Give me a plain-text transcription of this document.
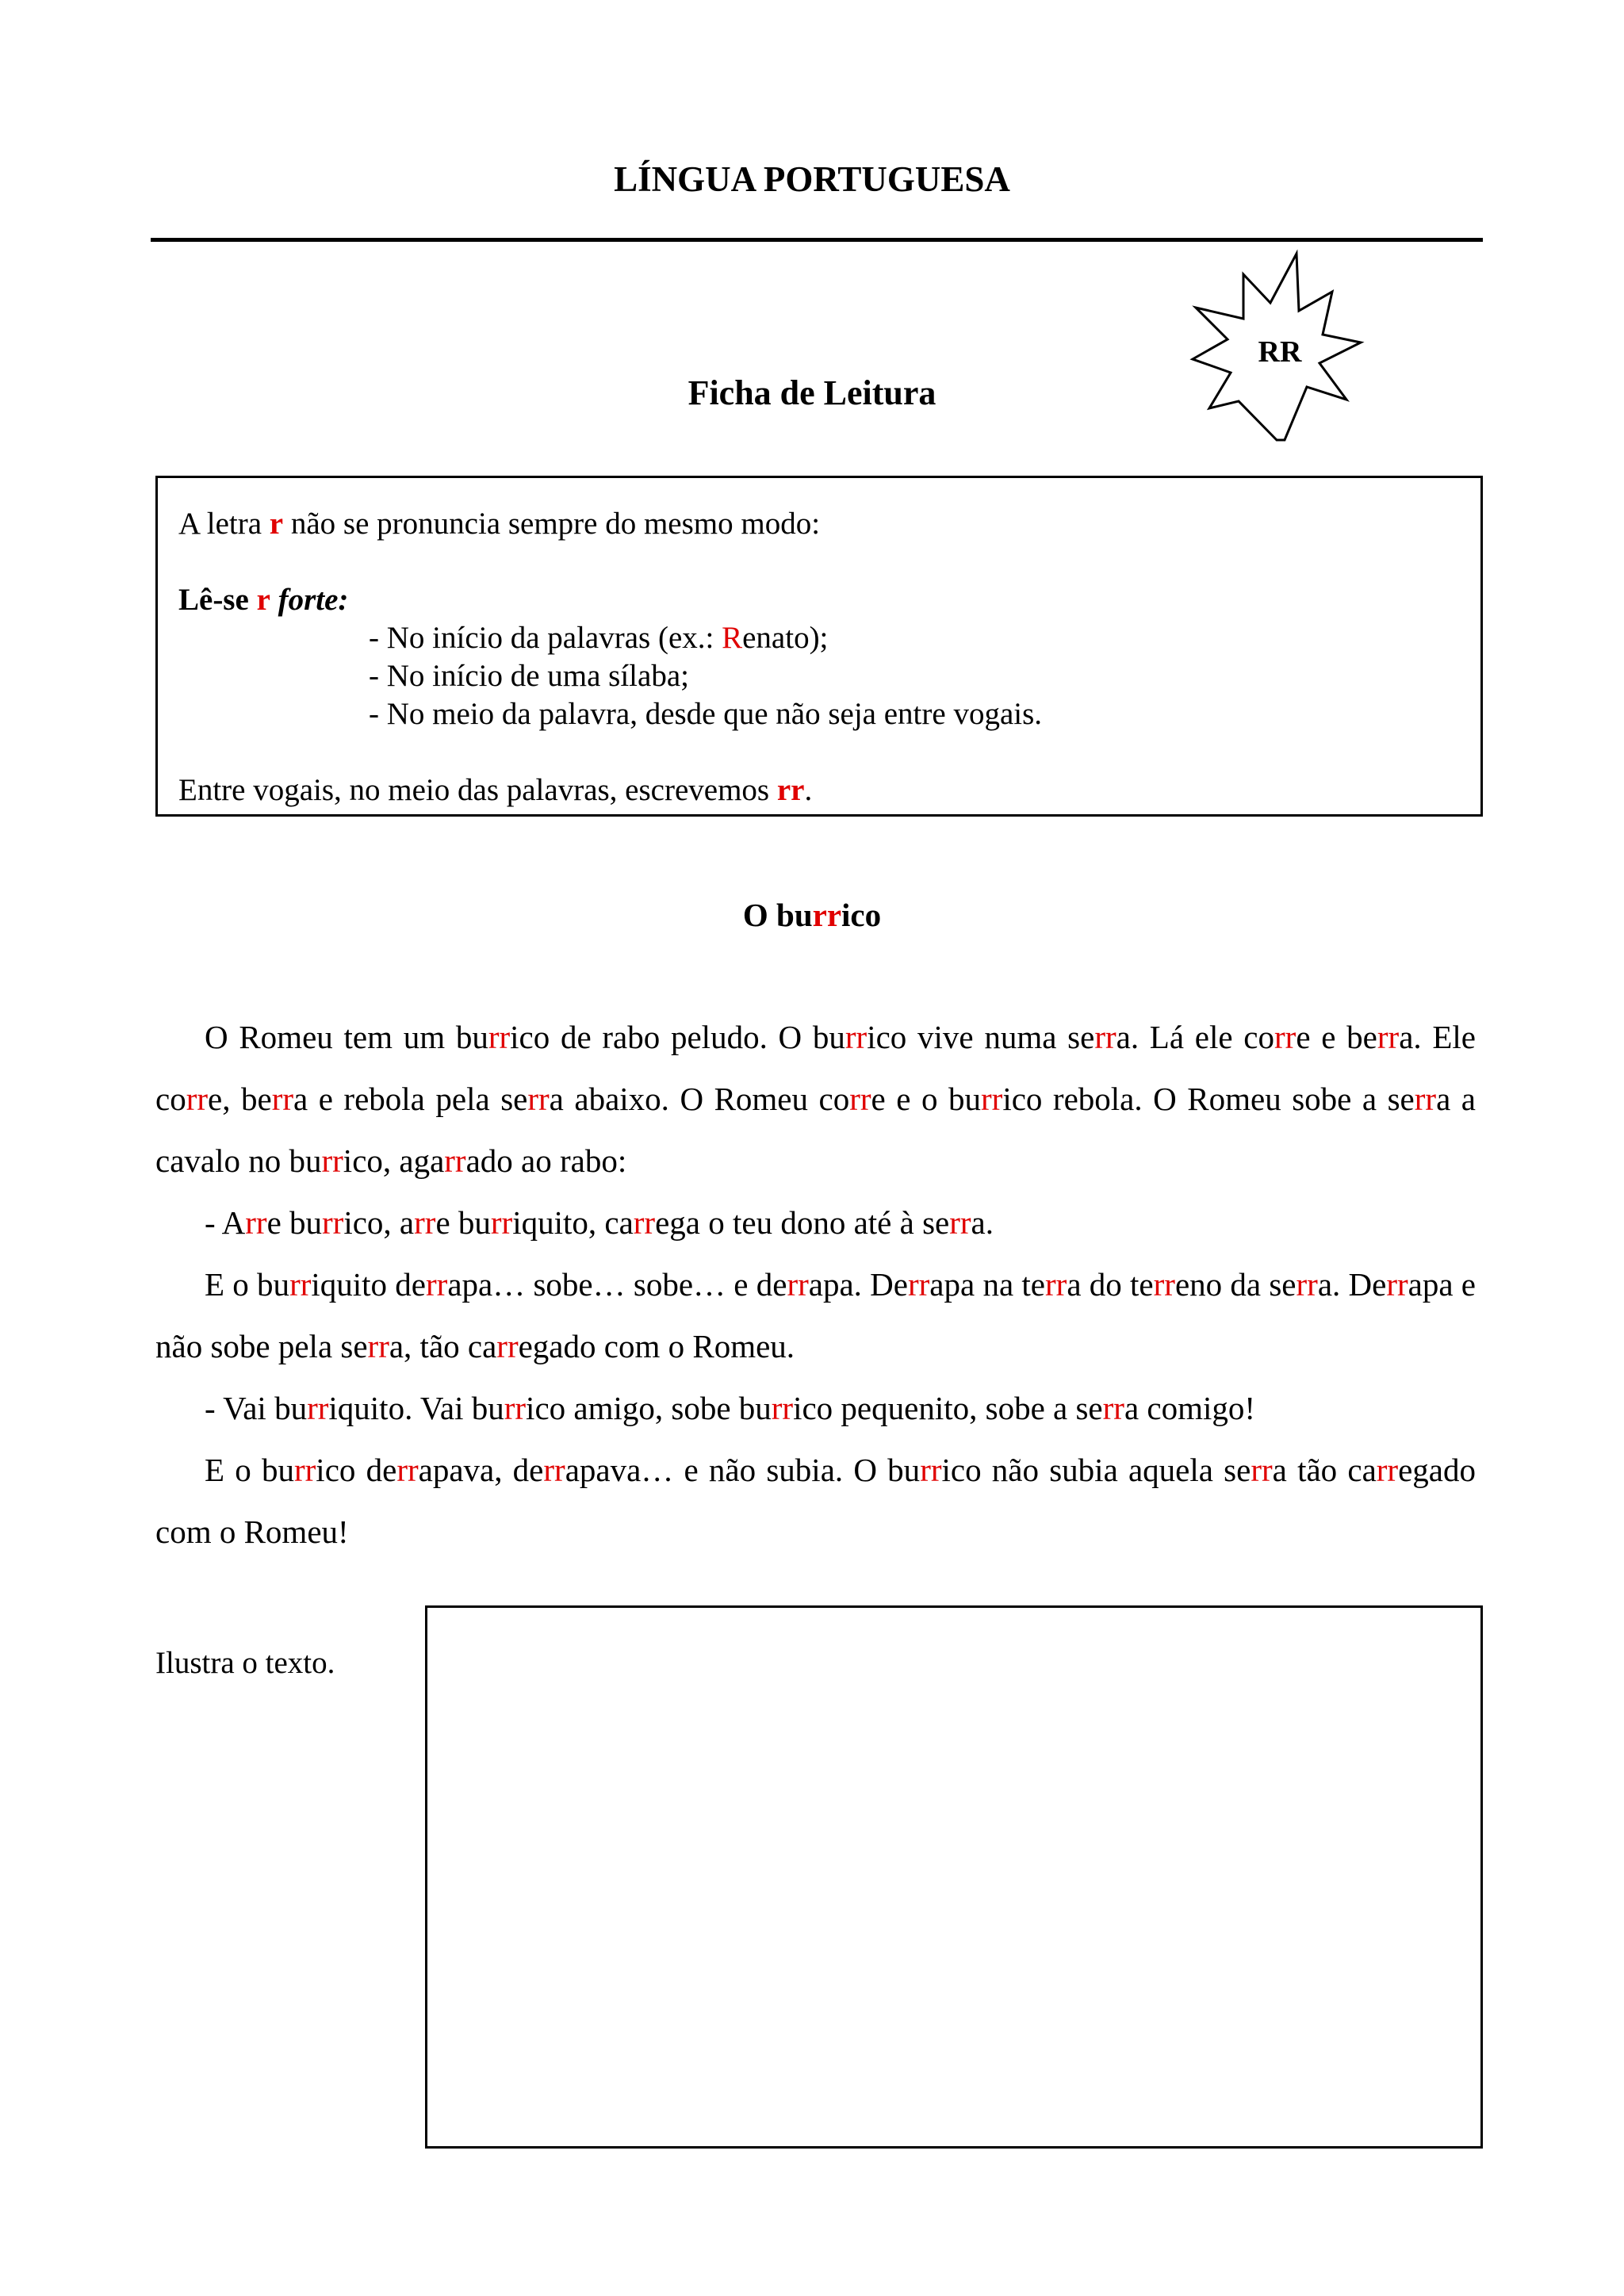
LÍNGUA PORTUGUESA
RR
Ficha de Leitura
A letra r não se pronuncia sempre do mesmo modo:
Lê-se r forte:
- No início da palavras (ex.: Renato);
- No início de uma sílaba;
- No meio da palavra, desde que não seja entre vogais.
Entre vogais, no meio das palavras, escrevemos rr.
O burrico

O Romeu tem um burrico de rabo peludo. O burrico vive numa serra. Lá ele corre e berra. Ele corre, berra e rebola pela serra abaixo. O Romeu corre e o burrico rebola. O Romeu sobe a serra a cavalo no burrico, agarrado ao rabo:

- Arre burrico, arre burriquito, carrega o teu dono até à serra.

E o burriquito derrapa… sobe… sobe… e derrapa. Derrapa na terra do terreno da serra. Derrapa e não sobe pela serra, tão carregado com o Romeu.

- Vai burriquito. Vai burrico amigo, sobe burrico pequenito, sobe a serra comigo!

E o burrico derrapava, derrapava… e não subia. O burrico não subia aquela serra tão carregado com o Romeu!

Ilustra o texto.
